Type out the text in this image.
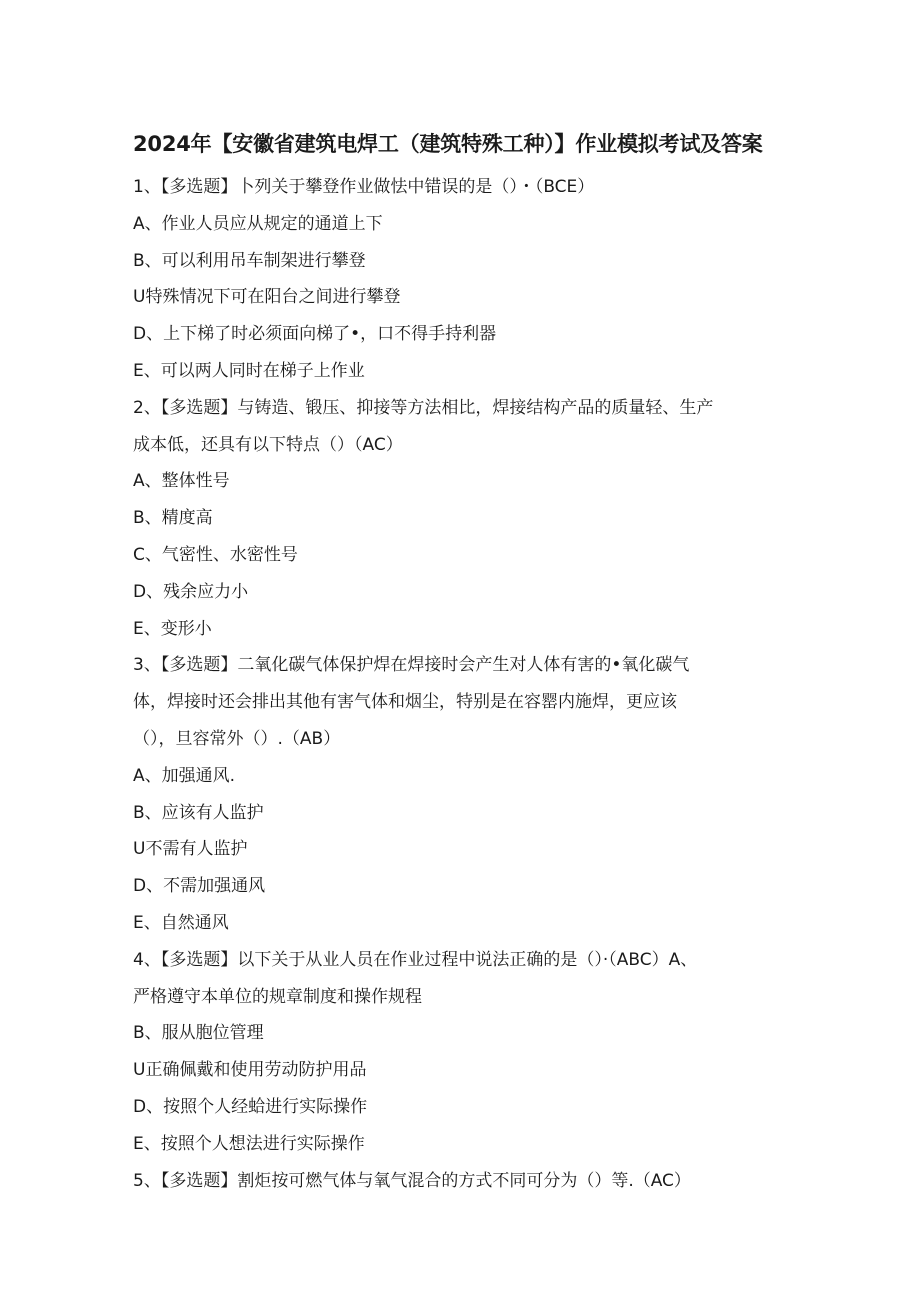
2024年【安徽省建筑电焊工（建筑特殊工种）】作业模拟考试及答案
1、【多选题】卜列关于攀登作业做怯中错误的是（）・（BCE）
A、作业人员应从规定的通道上下
B、可以利用吊车制架进行攀登
U特殊情况下可在阳台之间进行攀登
D、上下梯了时必须面向梯了•，口不得手持利器
E、可以两人同时在梯子上作业
2、【多选题】与铸造、锻压、抑接等方法相比，焊接结构产品的质量轻、生产
成本低，还具有以下特点（）（AC）
A、整体性号
B、精度高
C、气密性、水密性号
D、残余应力小
E、变形小
3、【多选题】二氧化碳气体保护焊在焊接时会产生对人体有害的•氧化碳气
体，焊接时还会排出其他有害气体和烟尘，特别是在容罂内施焊，更应该
（），旦容常外（）.（AB）
A、加强通风.
B、应该有人监护
U不需有人监护
D、不需加强通风
E、自然通风
4、【多选题】以下关于从业人员在作业过程中说法正确的是（）·（ABC）A、
严格遵守本单位的规章制度和操作规程
B、服从胞位管理
U正确佩戴和使用劳动防护用品
D、按照个人经蛤进行实际操作
E、按照个人想法进行实际操作
5、【多选题】割炬按可燃气体与氧气混合的方式不同可分为（）等.（AC）
